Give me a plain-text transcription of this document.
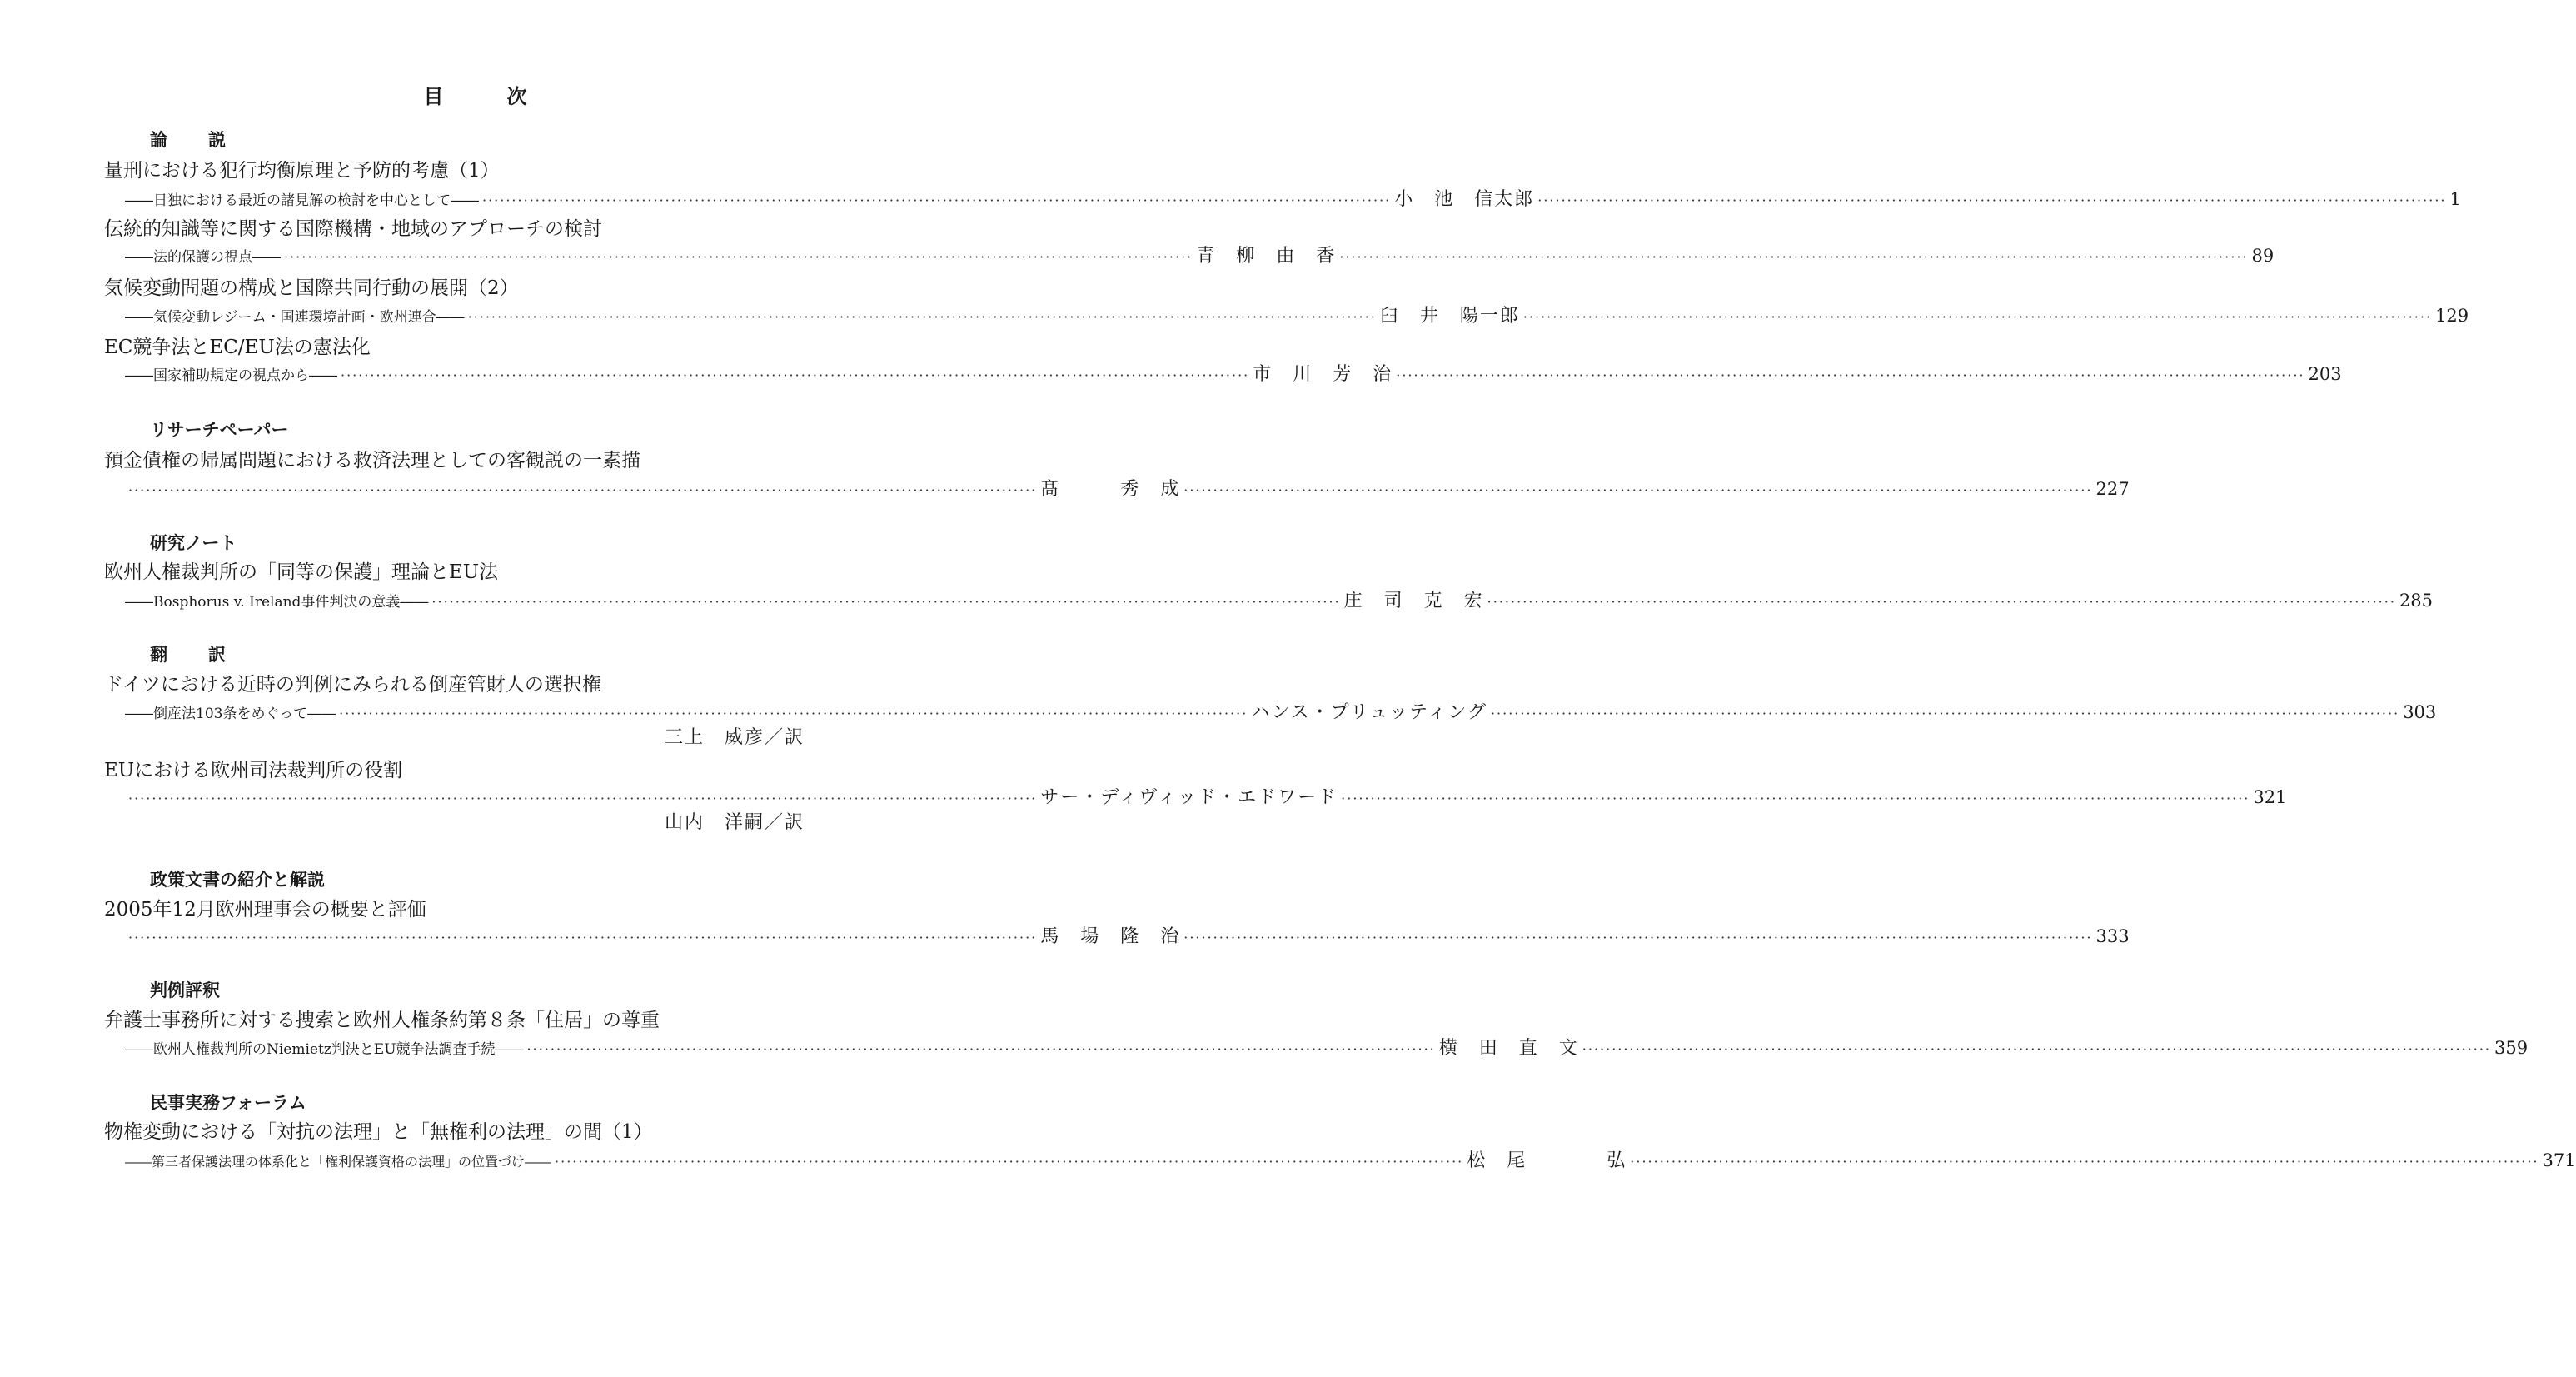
目　次
論　説
量刑における犯行均衡原理と予防的考慮（1）
――日独における最近の諸見解の検討を中心として―― ·························································································································································· 小　池　信太郎 ·························································································································································· 1
伝統的知識等に関する国際機構・地域のアプローチの検討
――法的保護の視点―― ·························································································································································· 青　柳　由　香 ·························································································································································· 89
気候変動問題の構成と国際共同行動の展開（2）
――気候変動レジーム・国連環境計画・欧州連合―― ·························································································································································· 臼　井　陽一郎 ·························································································································································· 129
EC競争法とEC/EU法の憲法化
――国家補助規定の視点から―― ·························································································································································· 市　川　芳　治 ·························································································································································· 203
リサーチペーパー
預金債権の帰属問題における救済法理としての客観説の一素描
·························································································································································· 髙　　　秀　成 ·························································································································································· 227
研究ノート
欧州人権裁判所の「同等の保護」理論とEU法
――Bosphorus v. Ireland事件判決の意義―― ·························································································································································· 庄　司　克　宏 ·························································································································································· 285
翻　訳
ドイツにおける近時の判例にみられる倒産管財人の選択権
――倒産法103条をめぐって―― ·························································································································································· ハンス・プリュッティング ·························································································································································· 303
三上　威彦／訳
EUにおける欧州司法裁判所の役割
·························································································································································· サー・ディヴィッド・エドワード ·························································································································································· 321
山内　洋嗣／訳
政策文書の紹介と解説
2005年12月欧州理事会の概要と評価
·························································································································································· 馬　場　隆　治 ·························································································································································· 333
判例評釈
弁護士事務所に対する捜索と欧州人権条約第８条「住居」の尊重
――欧州人権裁判所のNiemietz判決とEU競争法調査手続―― ·························································································································································· 横　田　直　文 ·························································································································································· 359
民事実務フォーラム
物権変動における「対抗の法理」と「無権利の法理」の間（1）
――第三者保護法理の体系化と「権利保護資格の法理」の位置づけ―― ·························································································································································· 松　尾　　　　弘 ·························································································································································· 371
